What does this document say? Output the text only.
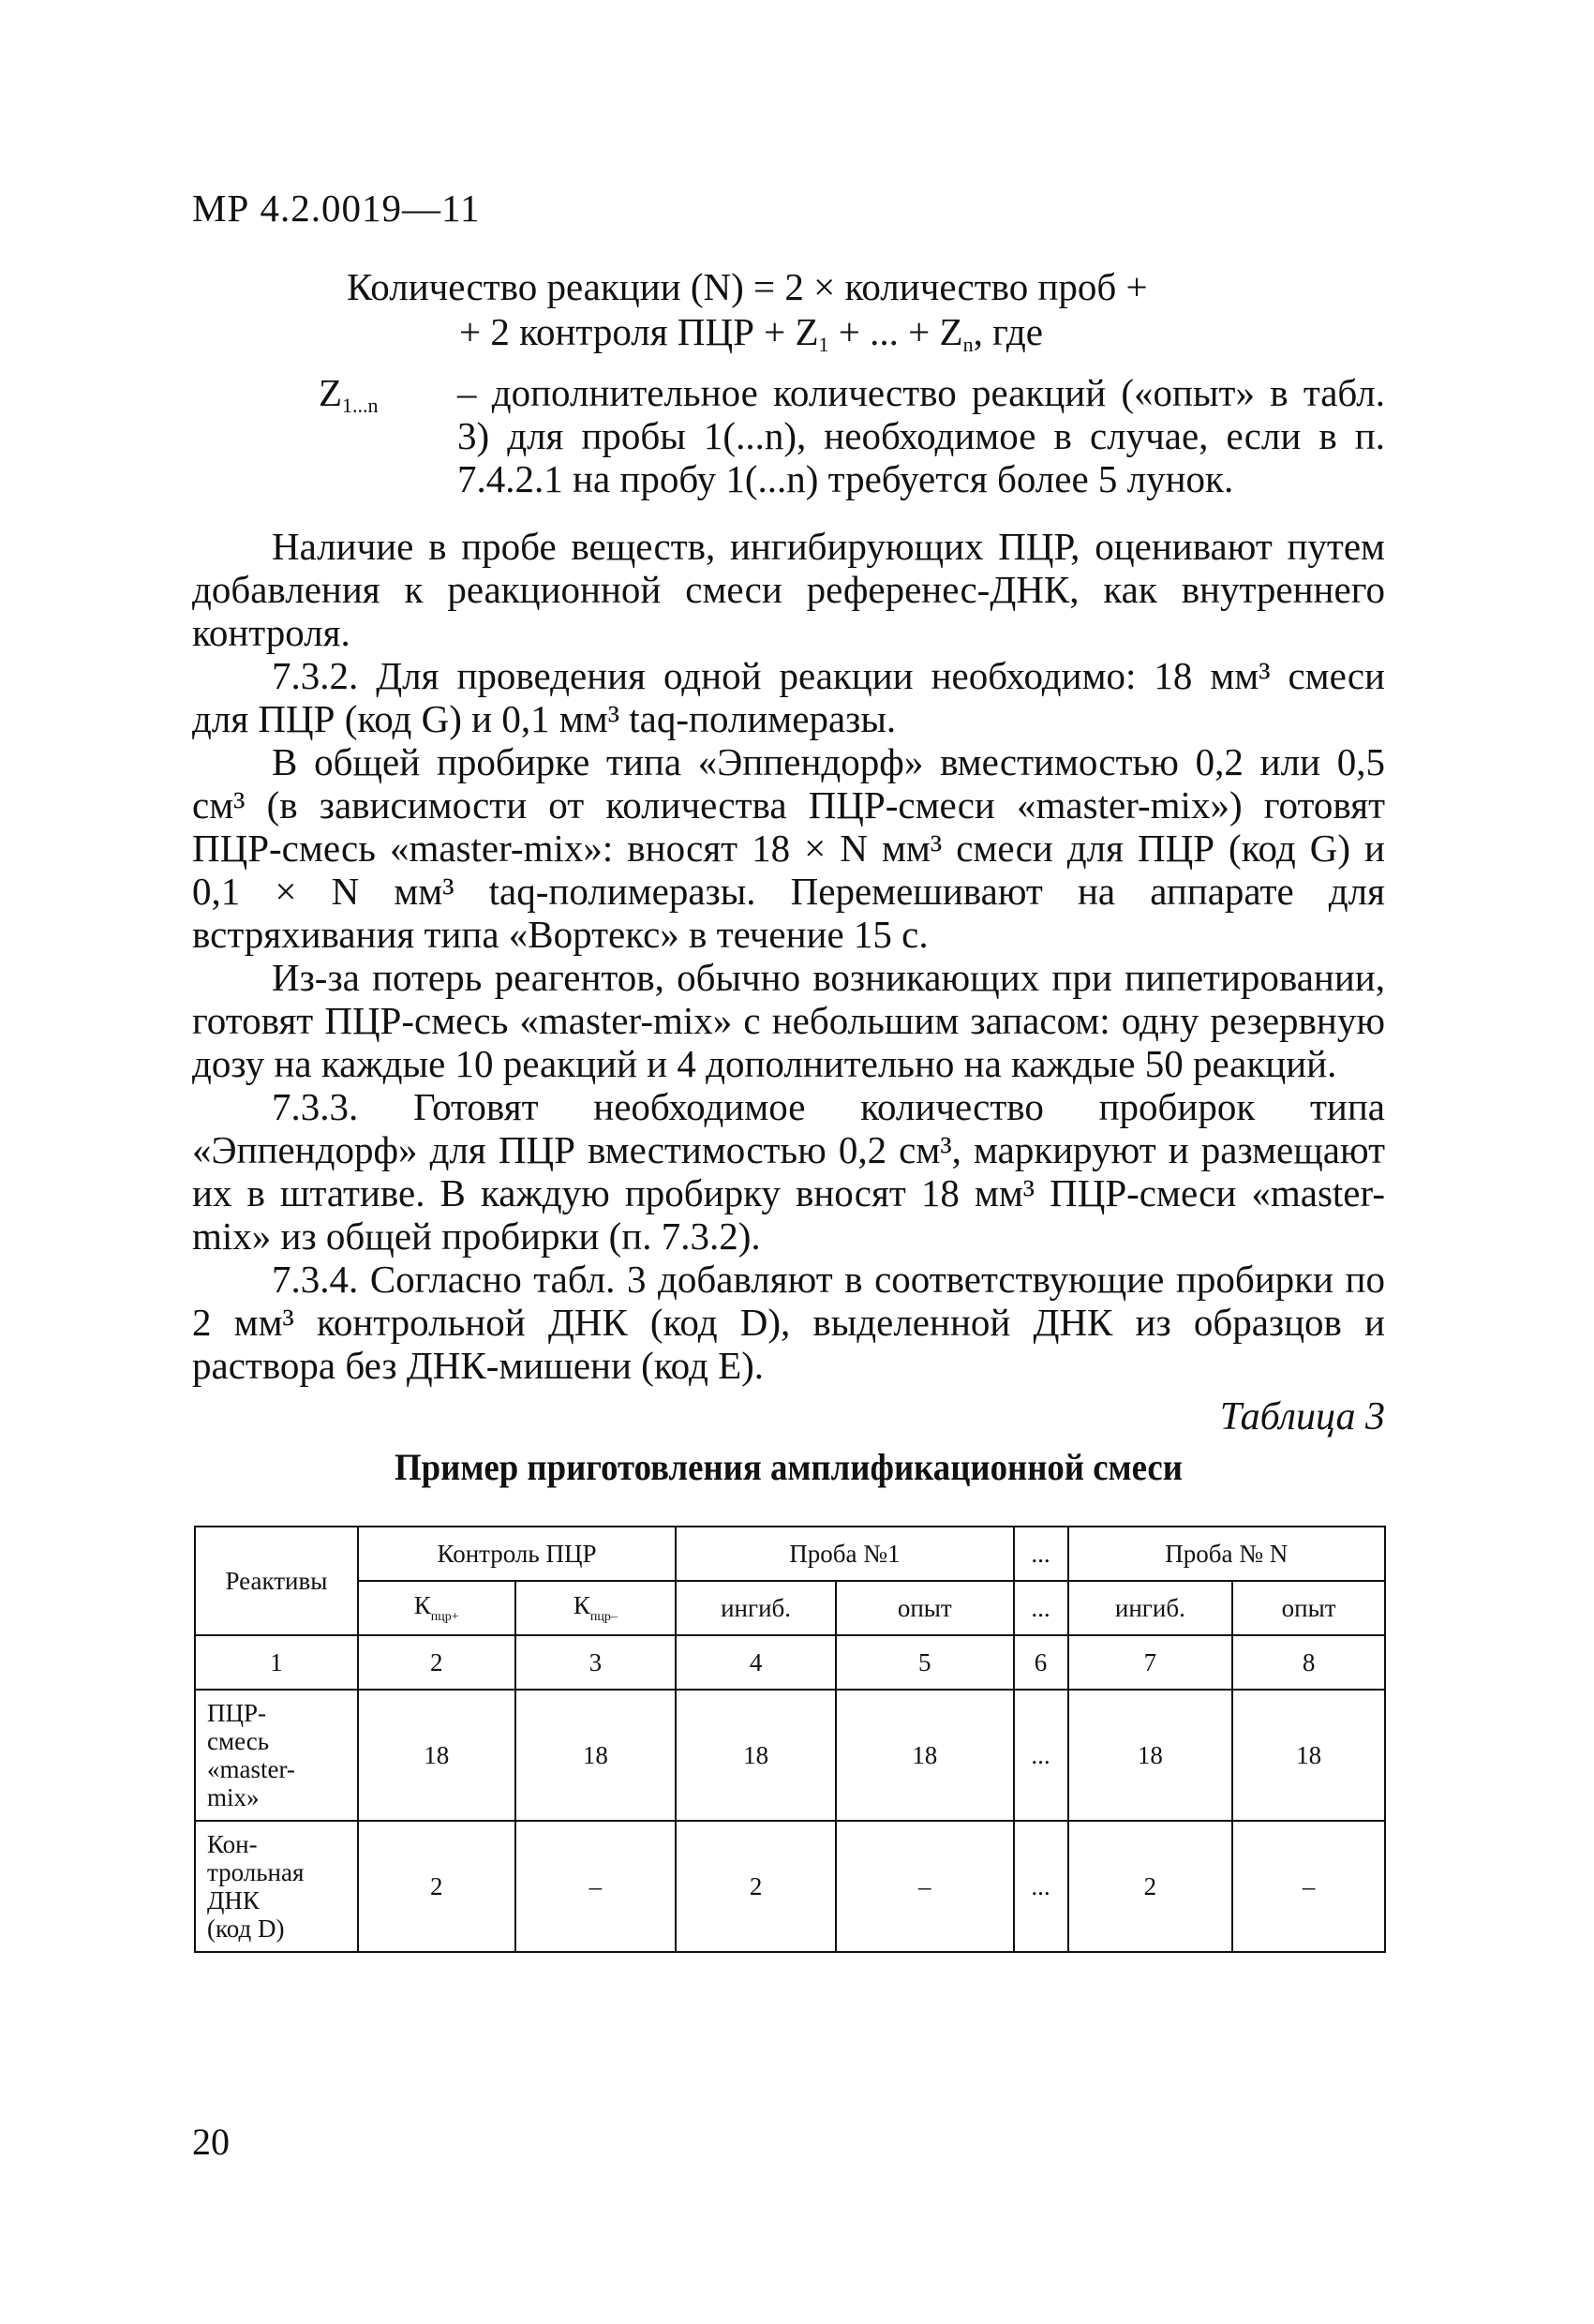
МР 4.2.0019—11
Количество реакции (N) = 2 × количество проб +
+ 2 контроля ПЦР + $Z_1$ + ... + $Z_n$, где
$Z_{1...n}$ – дополнительное количество реакций («опыт» в табл. 3) для пробы 1(...n), необходимое в случае, если в п. 7.4.2.1 на пробу 1(...n) требуется более 5 лунок.

Наличие в пробе веществ, ингибирующих ПЦР, оценивают путем добавления к реакционной смеси референес-ДНК, как внутреннего контроля.

7.3.2. Для проведения одной реакции необходимо: 18 мм³ смеси для ПЦР (код G) и 0,1 мм³ taq-полимеразы.

В общей пробирке типа «Эппендорф» вместимостью 0,2 или 0,5 см³ (в зависимости от количества ПЦР-смеси «master-mix») готовят ПЦР-смесь «master-mix»: вносят 18 × N мм³ смеси для ПЦР (код G) и 0,1 × N мм³ taq-полимеразы. Перемешивают на аппарате для встряхивания типа «Вортекс» в течение 15 с.

Из-за потерь реагентов, обычно возникающих при пипетировании, готовят ПЦР-смесь «master-mix» с небольшим запасом: одну резервную дозу на каждые 10 реакций и 4 дополнительно на каждые 50 реакций.

7.3.3. Готовят необходимое количество пробирок типа «Эппендорф» для ПЦР вместимостью 0,2 см³, маркируют и размещают их в штативе. В каждую пробирку вносят 18 мм³ ПЦР-смеси «master-mix» из общей пробирки (п. 7.3.2).

7.3.4. Согласно табл. 3 добавляют в соответствующие пробирки по 2 мм³ контрольной ДНК (код D), выделенной ДНК из образцов и раствора без ДНК-мишени (код Е).

Таблица 3
Пример приготовления амплификационной смеси
Реактивы	Контроль ПЦР		Проба №1		...	Проба № N	
	$К_{пцр+}$	$К_{пцр-}$	ингиб.	опыт	...	ингиб.	опыт
1	2	3	4	5	6	7	8
ПЦР-
смесь
«master-
mix»	18	18	18	18	...	18	18
Кон-
трольная
ДНК
(код D)	2	–	2	–	...	2	–
20
